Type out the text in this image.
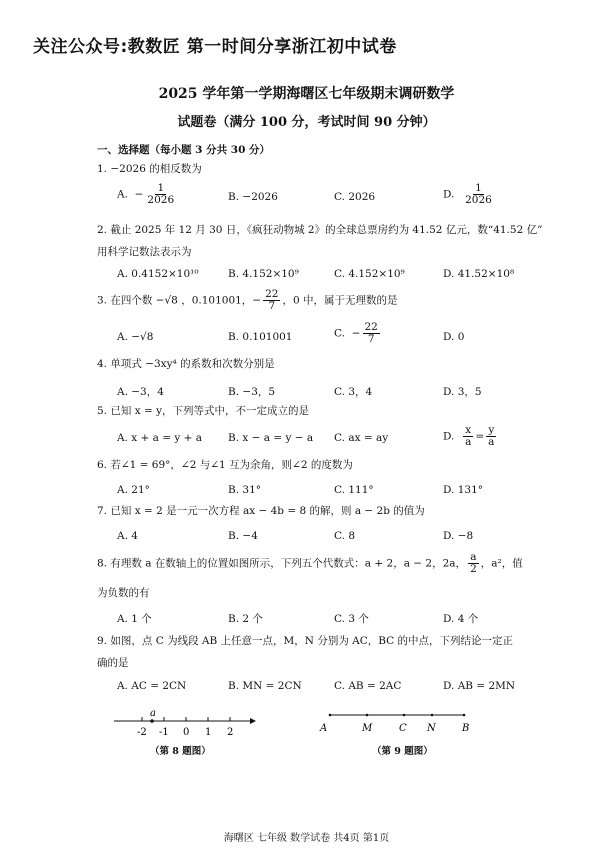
关注公众号:教数匠 第一时间分享浙江初中试卷
2025 学年第一学期海曙区七年级期末调研数学
试题卷（满分 100 分，考试时间 90 分钟）
一、选择题（每小题 3 分共 30 分）
1. −2026 的相反数为
A. − $\frac{1}{2026}$	B. −2026	C. 2026	D. $\frac{1}{2026}$
2. 截止 2025 年 12 月 30 日，《疯狂动物城 2》的全球总票房约为 41.52 亿元，数“41.52 亿”
用科学记数法表示为
A. 0.4152×10¹⁰	B. 4.152×10⁹	C. 4.152×10⁹	D. 41.52×10⁸
3. 在四个数 −√8 ，0.101001，− $\frac{22}{7}$ ，0 中，属于无理数的是
A. −√8	B. 0.101001	C. − $\frac{22}{7}$	D. 0
4. 单项式 −3xy⁴ 的系数和次数分别是
A. −3，4	B. −3，5	C. 3，4	D. 3，5
5. 已知 x = y，下列等式中，不一定成立的是
A. x + a = y + a B. x − a = y − a C. ax = ay	D. $\frac{x}{a} = \frac{y}{a}$
6. 若∠1 = 69°，∠2 与∠1 互为余角，则∠2 的度数为
A. 21°	B. 31°	C. 111°	D. 131°
7. 已知 x = 2 是一元一次方程 ax − 4b = 8 的解，则 a − 2b 的值为
A. 4	B. −4	C. 8	D. −8
8. 有理数 a 在数轴上的位置如图所示，下列五个代数式：a + 2，a − 2，2a， $\frac{a}{2}$ ，a²，值
为负数的有
A. 1 个	B. 2 个	C. 3 个	D. 4 个
9. 如图，点 C 为线段 AB 上任意一点，M，N 分别为 AC，BC 的中点，下列结论一定正
确的是
A. AC = 2CN	B. MN = 2CN	C. AB = 2AC	D. AB = 2MN
a
-2 -1 0 1 2
（第 8 题图）
A	M	C N	B
（第 9 题图）
海曙区 七年级 数学试卷 共4页 第1页
